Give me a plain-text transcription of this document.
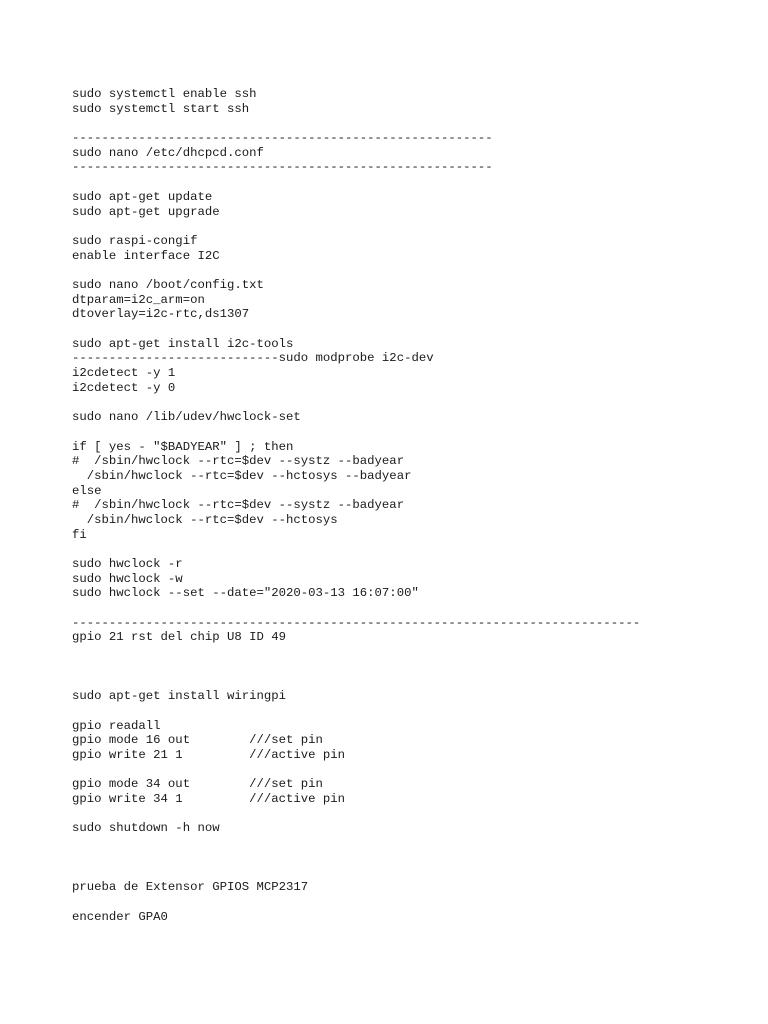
sudo systemctl enable ssh
sudo systemctl start ssh
---------------------------------------------------------
sudo nano /etc/dhcpcd.conf
---------------------------------------------------------
sudo apt-get update
sudo apt-get upgrade
sudo raspi-congif
enable interface I2C
sudo nano /boot/config.txt
dtparam=i2c_arm=on
dtoverlay=i2c-rtc,ds1307
sudo apt-get install i2c-tools
----------------------------sudo modprobe i2c-dev
i2cdetect -y 1
i2cdetect -y 0
sudo nano /lib/udev/hwclock-set
if [ yes - "$BADYEAR" ] ; then
#  /sbin/hwclock --rtc=$dev --systz --badyear
/sbin/hwclock --rtc=$dev --hctosys --badyear
else
#  /sbin/hwclock --rtc=$dev --systz --badyear
/sbin/hwclock --rtc=$dev --hctosys
fi
sudo hwclock -r
sudo hwclock -w
sudo hwclock --set --date="2020-03-13 16:07:00"
-----------------------------------------------------------------------------
gpio 21 rst del chip U8 ID 49
sudo apt-get install wiringpi
gpio readall
gpio mode 16 out        ///set pin
gpio write 21 1         ///active pin
gpio mode 34 out        ///set pin
gpio write 34 1         ///active pin
sudo shutdown -h now
prueba de Extensor GPIOS MCP2317
encender GPA0
